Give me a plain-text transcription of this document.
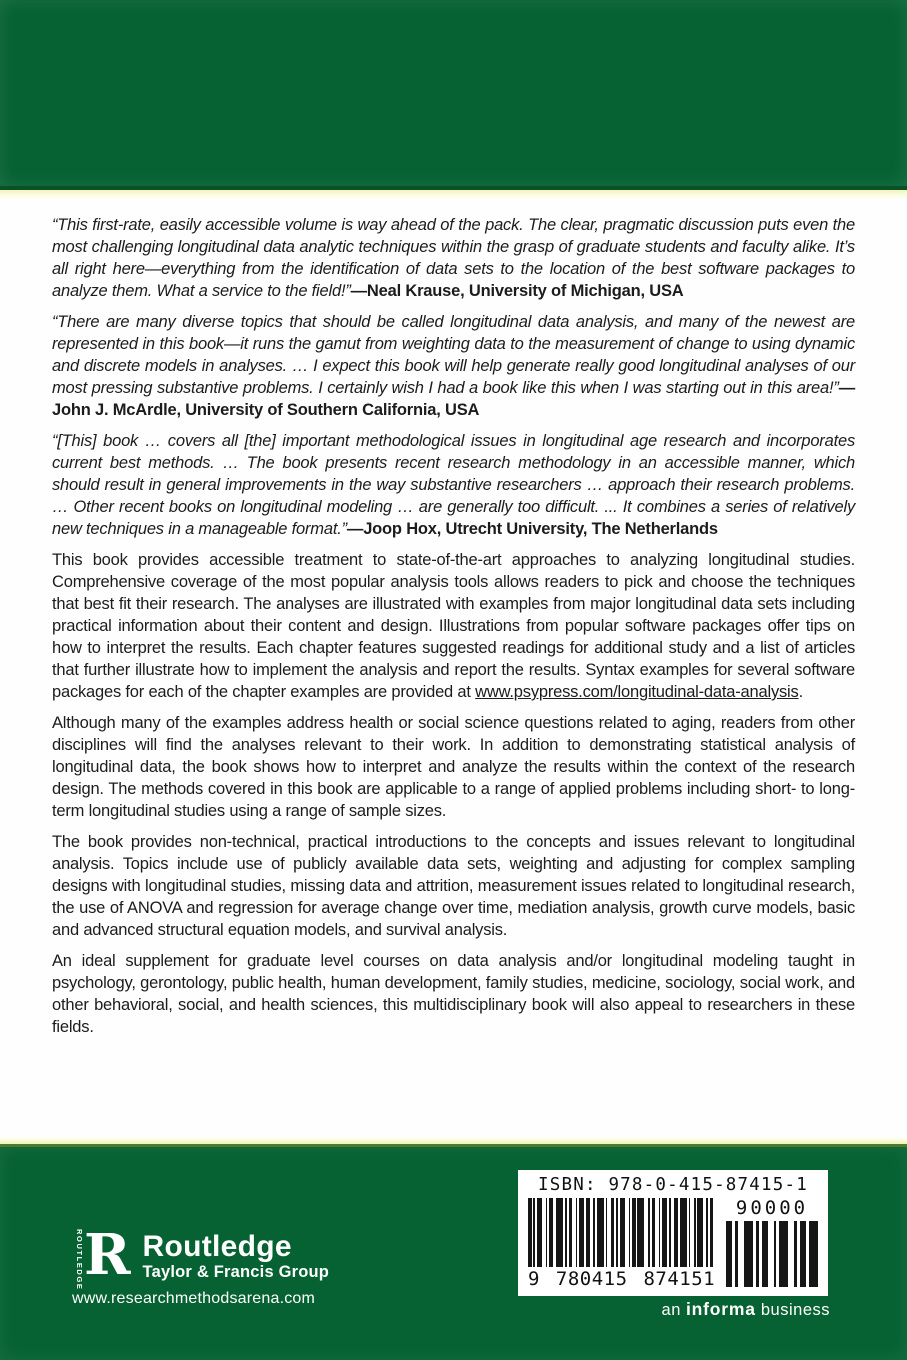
“This first-rate, easily accessible volume is way ahead of the pack. The clear, pragmatic discussion puts even the most challenging longitudinal data analytic techniques within the grasp of graduate students and faculty alike. It’s all right here—everything from the identification of data sets to the location of the best software packages to analyze them. What a service to the field!”—Neal Krause, University of Michigan, USA

“There are many diverse topics that should be called longitudinal data analysis, and many of the newest are represented in this book—it runs the gamut from weighting data to the measurement of change to using dynamic and discrete models in analyses. … I expect this book will help generate really good longitudinal analyses of our most pressing substantive problems. I certainly wish I had a book like this when I was starting out in this area!”—John J. McArdle, University of Southern California, USA

“[This] book … covers all [the] important methodological issues in longitudinal age research and incorporates current best methods. … The book presents recent research methodology in an accessible manner, which should result in general improvements in the way substantive researchers … approach their research problems. … Other recent books on longitudinal modeling … are generally too difficult. ... It combines a series of relatively new techniques in a manageable format.”—Joop Hox, Utrecht University, The Netherlands

This book provides accessible treatment to state-of-the-art approaches to analyzing longitudinal studies. Comprehensive coverage of the most popular analysis tools allows readers to pick and choose the techniques that best fit their research. The analyses are illustrated with examples from major longitudinal data sets including practical information about their content and design. Illustrations from popular software packages offer tips on how to interpret the results. Each chapter features suggested readings for additional study and a list of articles that further illustrate how to implement the analysis and report the results. Syntax examples for several software packages for each of the chapter examples are provided at www.psypress.com/longitudinal-data-analysis.

Although many of the examples address health or social science questions related to aging, readers from other disciplines will find the analyses relevant to their work. In addition to demonstrating statistical analysis of longitudinal data, the book shows how to interpret and analyze the results within the context of the research design. The methods covered in this book are applicable to a range of applied problems including short- to long-term longitudinal studies using a range of sample sizes.

The book provides non-technical, practical introductions to the concepts and issues relevant to longitudinal analysis. Topics include use of publicly available data sets, weighting and adjusting for complex sampling designs with longitudinal studies, missing data and attrition, measurement issues related to longitudinal research, the use of ANOVA and regression for average change over time, mediation analysis, growth curve models, basic and advanced structural equation models, and survival analysis.

An ideal supplement for graduate level courses on data analysis and/or longitudinal modeling taught in psychology, gerontology, public health, human development, family studies, medicine, sociology, social work, and other behavioral, social, and health sciences, this multidisciplinary book will also appeal to researchers in these fields.

ISBN: 978-0-415-87415-1
9 780415 874151
90000
ROUTLEDGE R Routledge
Taylor & Francis Group
www.researchmethodsarena.com
an informa business
